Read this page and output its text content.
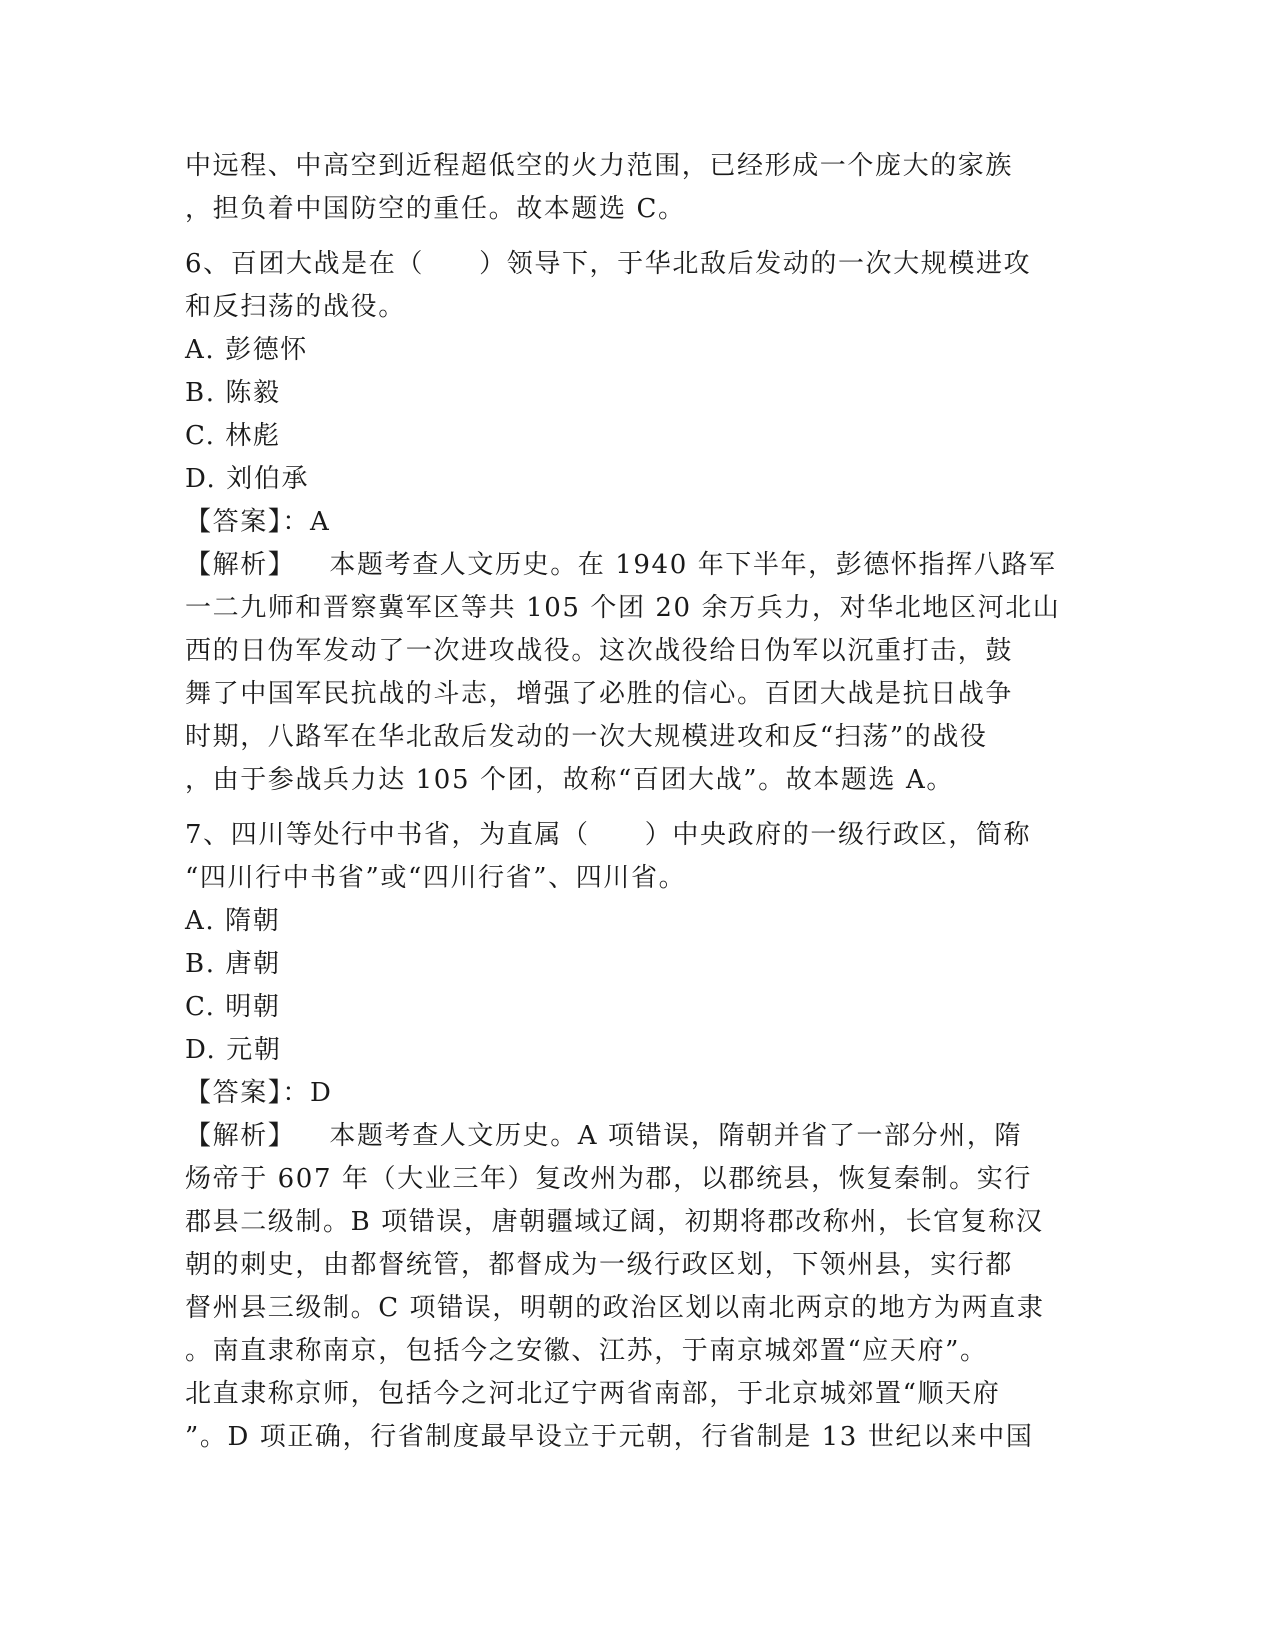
中远程、中高空到近程超低空的火力范围，已经形成一个庞大的家族
，担负着中国防空的重任。故本题选 C。
6、百团大战是在（　　）领导下，于华北敌后发动的一次大规模进攻
和反扫荡的战役。
A. 彭德怀
B. 陈毅
C. 林彪
D. 刘伯承
【答案】：A
【解析】 本题考查人文历史。在 1940 年下半年，彭德怀指挥八路军
一二九师和晋察冀军区等共 105 个团 20 余万兵力，对华北地区河北山
西的日伪军发动了一次进攻战役。这次战役给日伪军以沉重打击，鼓
舞了中国军民抗战的斗志，增强了必胜的信心。百团大战是抗日战争
时期，八路军在华北敌后发动的一次大规模进攻和反“扫荡”的战役
，由于参战兵力达 105 个团，故称“百团大战”。故本题选 A。
7、四川等处行中书省，为直属（　　）中央政府的一级行政区，简称
“四川行中书省”或“四川行省”、四川省。
A. 隋朝
B. 唐朝
C. 明朝
D. 元朝
【答案】：D
【解析】 本题考查人文历史。A 项错误，隋朝并省了一部分州，隋
炀帝于 607 年（大业三年）复改州为郡，以郡统县，恢复秦制。实行
郡县二级制。B 项错误，唐朝疆域辽阔，初期将郡改称州，长官复称汉
朝的刺史，由都督统管，都督成为一级行政区划，下领州县，实行都
督州县三级制。C 项错误，明朝的政治区划以南北两京的地方为两直隶
。南直隶称南京，包括今之安徽、江苏，于南京城郊置“应天府”。
北直隶称京师，包括今之河北辽宁两省南部，于北京城郊置“顺天府
”。D 项正确，行省制度最早设立于元朝，行省制是 13 世纪以来中国
